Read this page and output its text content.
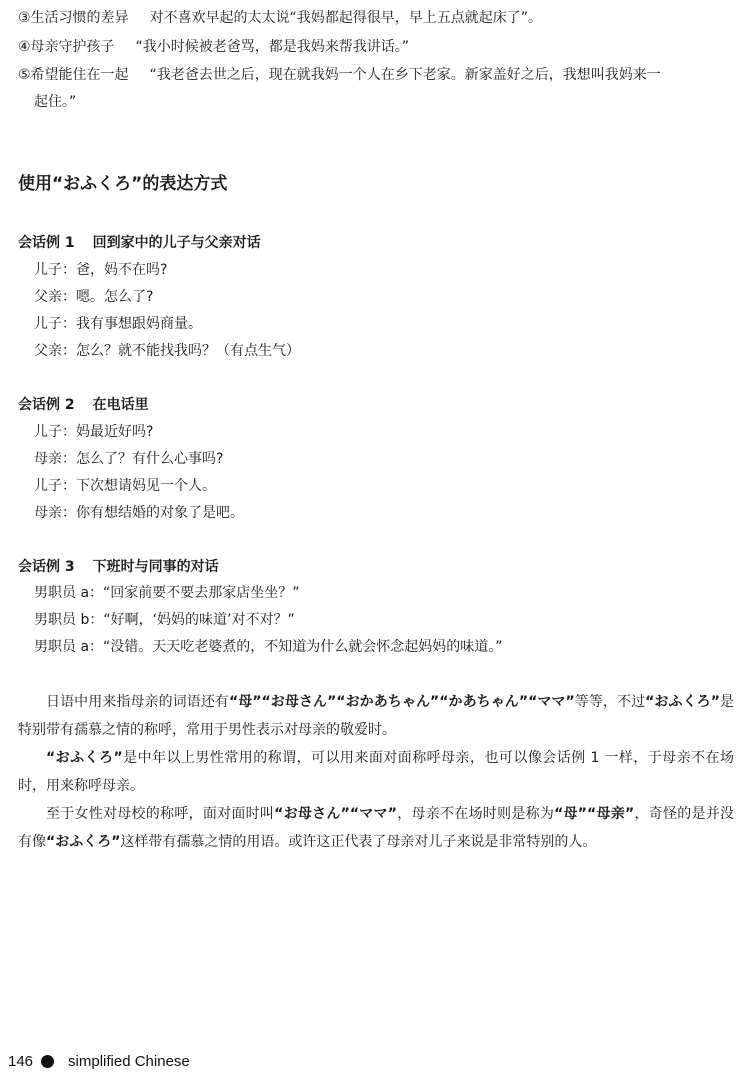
③生活习惯的差异 对不喜欢早起的太太说“我妈都起得很早，早上五点就起床了”。
④母亲守护孩子 “我小时候被老爸骂，都是我妈来帮我讲话。”
⑤希望能住在一起 “我老爸去世之后，现在就我妈一个人在乡下老家。新家盖好之后，我想叫我妈来一
起住。”
使用“おふくろ”的表达方式
会话例 1 回到家中的儿子与父亲对话
儿子：爸，妈不在吗?
父亲：嗯。怎么了?
儿子：我有事想跟妈商量。
父亲：怎么？就不能找我吗？（有点生气）
会话例 2 在电话里
儿子：妈最近好吗?
母亲：怎么了？有什么心事吗?
儿子：下次想请妈见一个人。
母亲：你有想结婚的对象了是吧。
会话例 3 下班时与同事的对话
男职员 a：“回家前要不要去那家店坐坐？”
男职员 b：“好啊，‘妈妈的味道’对不对？”
男职员 a：“没错。天天吃老婆煮的，不知道为什么就会怀念起妈妈的味道。”
日语中用来指母亲的词语还有“母”“お母さん”“おかあちゃん”“かあちゃん”“ママ”等等，不过“おふくろ”是特别带有孺慕之情的称呼，常用于男性表示对母亲的敬爱时。
“おふくろ”是中年以上男性常用的称谓，可以用来面对面称呼母亲，也可以像会话例 1 一样，于母亲不在场时，用来称呼母亲。
至于女性对母校的称呼，面对面时叫“お母さん”“ママ”，母亲不在场时则是称为“母”“母亲”，奇怪的是并没有像“おふくろ”这样带有孺慕之情的用语。或许这正代表了母亲对儿子来说是非常特别的人。
146 simplified Chinese
